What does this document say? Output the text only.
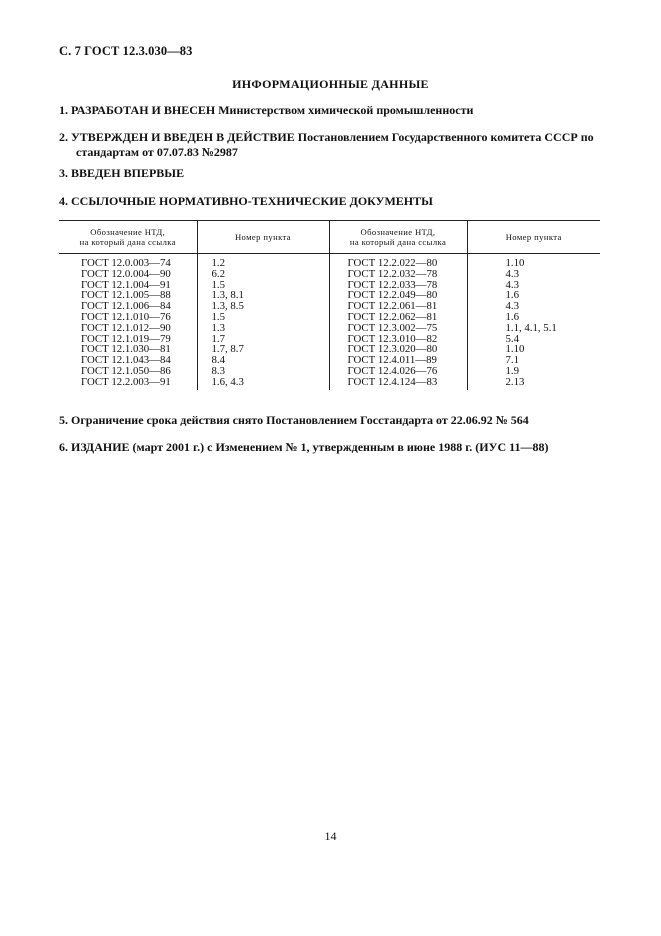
С. 7 ГОСТ 12.3.030—83
ИНФОРМАЦИОННЫЕ ДАННЫЕ
1. РАЗРАБОТАН И ВНЕСЕН Министерством химической промышленности
2. УТВЕРЖДЕН И ВВЕДЕН В ДЕЙСТВИЕ Постановлением Государственного комитета СССР по
стандартам от 07.07.83 №2987
3. ВВЕДЕН ВПЕРВЫЕ
4. ССЫЛОЧНЫЕ НОРМАТИВНО-ТЕХНИЧЕСКИЕ ДОКУМЕНТЫ
Обозначение НТД,
на который дана ссылка	Номер пункта	Обозначение НТД,
на который дана ссылка	Номер пункта
ГОСТ 12.0.003—74	1.2	ГОСТ 12.2.022—80	1.10
ГОСТ 12.0.004—90	6.2	ГОСТ 12.2.032—78	4.3
ГОСТ 12.1.004—91	1.5	ГОСТ 12.2.033—78	4.3
ГОСТ 12.1.005—88	1.3, 8.1	ГОСТ 12.2.049—80	1.6
ГОСТ 12.1.006—84	1.3, 8.5	ГОСТ 12.2.061—81	4.3
ГОСТ 12.1.010—76	1.5	ГОСТ 12.2.062—81	1.6
ГОСТ 12.1.012—90	1.3	ГОСТ 12.3.002—75	1.1, 4.1, 5.1
ГОСТ 12.1.019—79	1.7	ГОСТ 12.3.010—82	5.4
ГОСТ 12.1.030—81	1.7, 8.7	ГОСТ 12.3.020—80	1.10
ГОСТ 12.1.043—84	8.4	ГОСТ 12.4.011—89	7.1
ГОСТ 12.1.050—86	8.3	ГОСТ 12.4.026—76	1.9
ГОСТ 12.2.003—91	1.6, 4.3	ГОСТ 12.4.124—83	2.13
5. Ограничение срока действия снято Постановлением Госстандарта от 22.06.92 № 564
6. ИЗДАНИЕ (март 2001 г.) с Изменением № 1, утвержденным в июне 1988 г. (ИУС 11—88)
14
